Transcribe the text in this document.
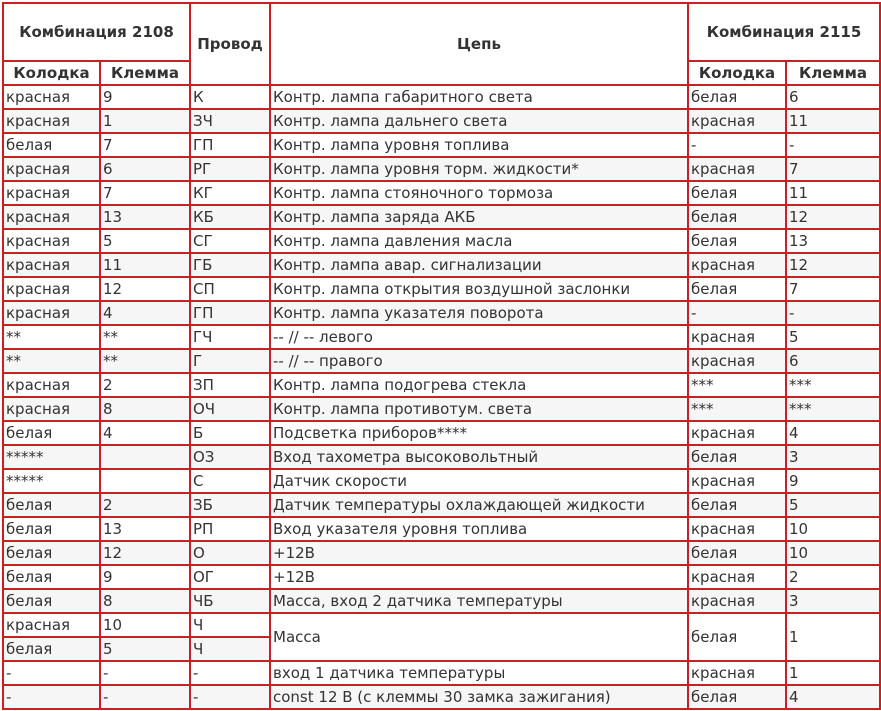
Комбинация 2108		Провод	Цепь	Комбинация 2115	
Колодка	Клемма			Колодка	Клемма
красная	9	К	Контр. лампа габаритного света	белая	6
красная	1	ЗЧ	Контр. лампа дальнего света	красная	11
белая	7	ГП	Контр. лампа уровня топлива	-	-
красная	6	РГ	Контр. лампа уровня торм. жидкости*	красная	7
красная	7	КГ	Контр. лампа стояночного тормоза	белая	11
красная	13	КБ	Контр. лампа заряда АКБ	белая	12
красная	5	СГ	Контр. лампа давления масла	белая	13
красная	11	ГБ	Контр. лампа авар. сигнализации	красная	12
красная	12	СП	Контр. лампа открытия воздушной заслонки	белая	7
красная	4	ГП	Контр. лампа указателя поворота	-	-
**	**	ГЧ	-- // -- левого	красная	5
**	**	Г	-- // -- правого	красная	6
красная	2	ЗП	Контр. лампа подогрева стекла	***	***
красная	8	ОЧ	Контр. лампа противотум. света	***	***
белая	4	Б	Подсветка приборов****	красная	4
*****		ОЗ	Вход тахометра высоковольтный	белая	3
*****		С	Датчик скорости	красная	9
белая	2	ЗБ	Датчик температуры охлаждающей жидкости	белая	5
белая	13	РП	Вход указателя уровня топлива	красная	10
белая	12	О	+12В	белая	10
белая	9	ОГ	+12В	красная	2
белая	8	ЧБ	Масса, вход 2 датчика температуры	красная	3
красная	10	Ч	Масса	белая	1
белая	5	Ч			
-	-	-	вход 1 датчика температуры	красная	1
-	-	-	const 12 В (с клеммы 30 замка зажигания)	белая	4
